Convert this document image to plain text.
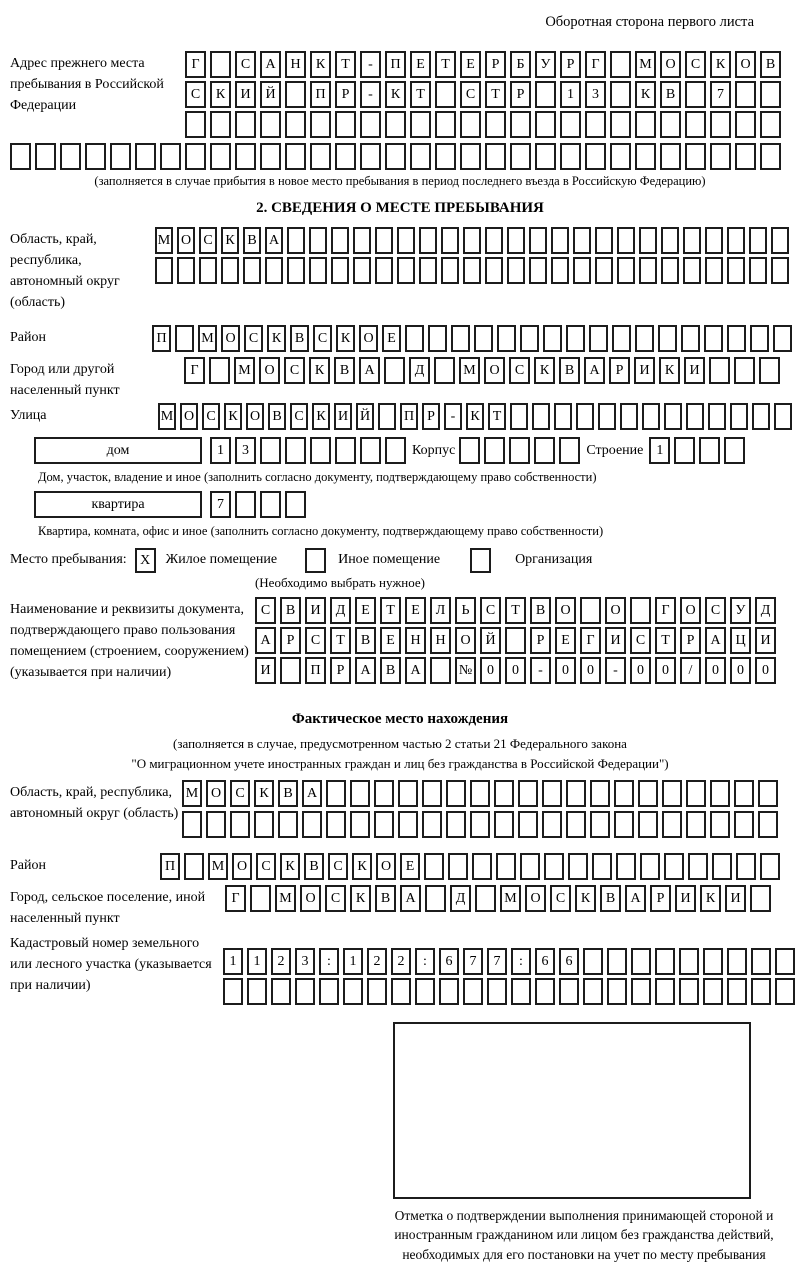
Оборотная сторона первого листа
Адрес прежнего места пребывания в Российской Федерации
Г	С А Н К Т - П Е Т Е Р Б У Р Г	М О С К О В
С К И Й	П Р - К Т	С Т Р	1 3	К В	7
(заполняется в случае прибытия в новое место пребывания в период последнего въезда в Российскую Федерацию)
2. СВЕДЕНИЯ О МЕСТЕ ПРЕБЫВАНИЯ
Область, край, республика, автономный округ (область)
М О С К В А
Район	П М О С К В С К О Е
Город или другой населенный пункт
Г	М О С К В А	Д	М О С К В А Р И К И
Улица	М О С К О В С К И Й П Р - К Т
дом	1 3	Корпус	Строение 1
Дом, участок, владение и иное (заполнить согласно документу, подтверждающему право собственности)
квартира	7
Квартира, комната, офис и иное (заполнить согласно документу, подтверждающему право собственности)
Место пребывания: X	Жилое помещение	Иное помещение	Организация
(Необходимо выбрать нужное)
Наименование и реквизиты документа, подтверждающего право пользования помещением (строением, сооружением) (указывается при наличии)
С В И Д Е Т Е Л Ь С Т В О	О	Г О С У Д
А Р С Т В Е Н Н О Й	Р Е Г И С Т Р А Ц И
И	П Р А В А	№ 0 0 - 0 0 - 0 0 / 0 0 0
Фактическое место нахождения
(заполняется в случае, предусмотренном частью 2 статьи 21 Федерального закона
"О миграционном учете иностранных граждан и лиц без гражданства в Российской Федерации")
Область, край, республика, автономный округ (область)
М О С К В А
Район	П	М О С К В С К О Е
Город, сельское поселение, иной населенный пункт
Г	М О С К В А	Д	М О С К В А Р И К И
Кадастровый номер земельного или лесного участка (указывается при наличии)
1 1 2 3 : 1 2 2 : 6 7 7 : 6 6
Отметка о подтверждении выполнения принимающей стороной и иностранным гражданином или лицом без гражданства действий, необходимых для его постановки на учет по месту пребывания
